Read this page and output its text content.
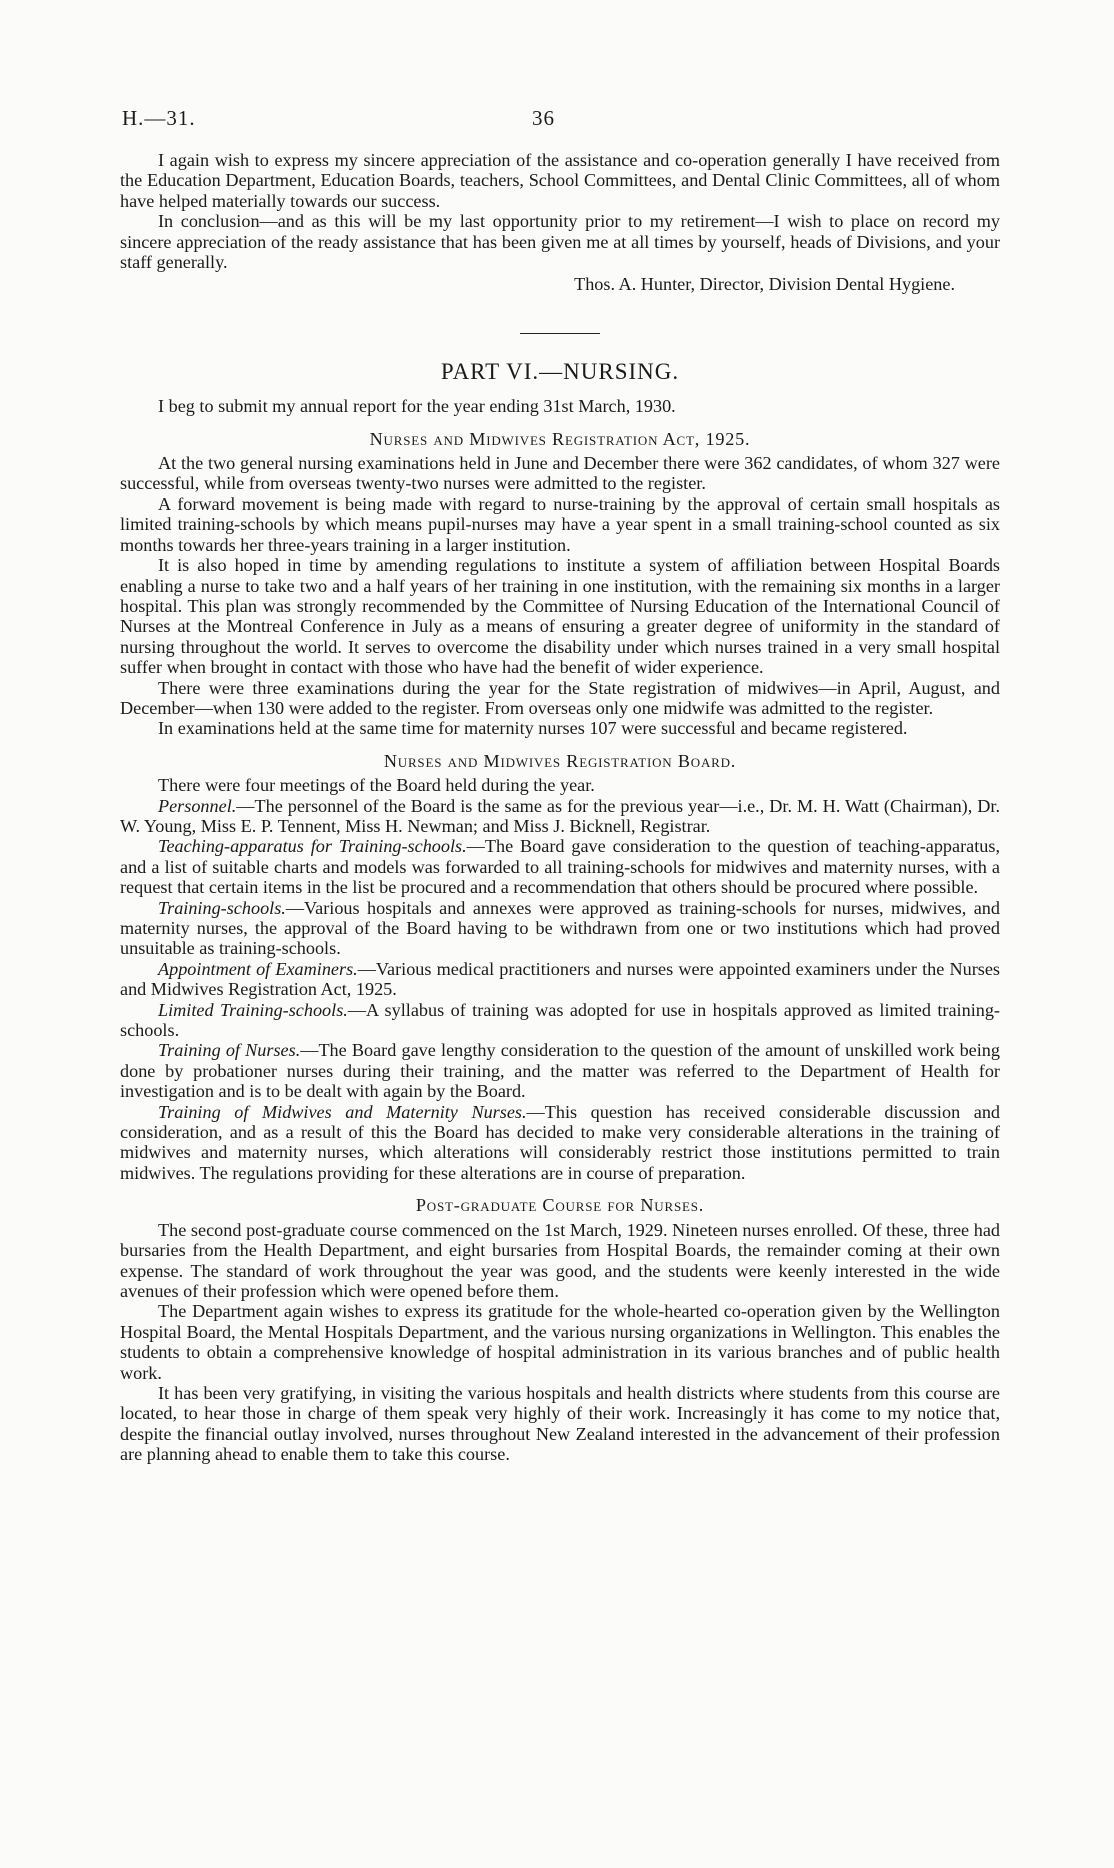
H.—31.	36

I again wish to express my sincere appreciation of the assistance and co-operation generally I have received from the Education Department, Education Boards, teachers, School Committees, and Dental Clinic Committees, all of whom have helped materially towards our success.

In conclusion—and as this will be my last opportunity prior to my retirement—I wish to place on record my sincere appreciation of the ready assistance that has been given me at all times by yourself, heads of Divisions, and your staff generally.

Thos. A. Hunter, Director, Division Dental Hygiene.

PART VI.—NURSING.

I beg to submit my annual report for the year ending 31st March, 1930.

Nurses and Midwives Registration Act, 1925.

At the two general nursing examinations held in June and December there were 362 candidates, of whom 327 were successful, while from overseas twenty-two nurses were admitted to the register.

A forward movement is being made with regard to nurse-training by the approval of certain small hospitals as limited training-schools by which means pupil-nurses may have a year spent in a small training-school counted as six months towards her three-years training in a larger institution.

It is also hoped in time by amending regulations to institute a system of affiliation between Hospital Boards enabling a nurse to take two and a half years of her training in one institution, with the remaining six months in a larger hospital. This plan was strongly recommended by the Committee of Nursing Education of the International Council of Nurses at the Montreal Conference in July as a means of ensuring a greater degree of uniformity in the standard of nursing throughout the world. It serves to overcome the disability under which nurses trained in a very small hospital suffer when brought in contact with those who have had the benefit of wider experience.

There were three examinations during the year for the State registration of midwives—in April, August, and December—when 130 were added to the register. From overseas only one midwife was admitted to the register.

In examinations held at the same time for maternity nurses 107 were successful and became registered.

Nurses and Midwives Registration Board.

There were four meetings of the Board held during the year.

Personnel.—The personnel of the Board is the same as for the previous year—i.e., Dr. M. H. Watt (Chairman), Dr. W. Young, Miss E. P. Tennent, Miss H. Newman; and Miss J. Bicknell, Registrar.

Teaching-apparatus for Training-schools.—The Board gave consideration to the question of teaching-apparatus, and a list of suitable charts and models was forwarded to all training-schools for midwives and maternity nurses, with a request that certain items in the list be procured and a recommendation that others should be procured where possible.

Training-schools.—Various hospitals and annexes were approved as training-schools for nurses, midwives, and maternity nurses, the approval of the Board having to be withdrawn from one or two institutions which had proved unsuitable as training-schools.

Appointment of Examiners.—Various medical practitioners and nurses were appointed examiners under the Nurses and Midwives Registration Act, 1925.

Limited Training-schools.—A syllabus of training was adopted for use in hospitals approved as limited training-schools.

Training of Nurses.—The Board gave lengthy consideration to the question of the amount of unskilled work being done by probationer nurses during their training, and the matter was referred to the Department of Health for investigation and is to be dealt with again by the Board.

Training of Midwives and Maternity Nurses.—This question has received considerable discussion and consideration, and as a result of this the Board has decided to make very considerable alterations in the training of midwives and maternity nurses, which alterations will considerably restrict those institutions permitted to train midwives. The regulations providing for these alterations are in course of preparation.

Post-graduate Course for Nurses.

The second post-graduate course commenced on the 1st March, 1929. Nineteen nurses enrolled. Of these, three had bursaries from the Health Department, and eight bursaries from Hospital Boards, the remainder coming at their own expense. The standard of work throughout the year was good, and the students were keenly interested in the wide avenues of their profession which were opened before them.

The Department again wishes to express its gratitude for the whole-hearted co-operation given by the Wellington Hospital Board, the Mental Hospitals Department, and the various nursing organizations in Wellington. This enables the students to obtain a comprehensive knowledge of hospital administration in its various branches and of public health work.

It has been very gratifying, in visiting the various hospitals and health districts where students from this course are located, to hear those in charge of them speak very highly of their work. Increasingly it has come to my notice that, despite the financial outlay involved, nurses throughout New Zealand interested in the advancement of their profession are planning ahead to enable them to take this course.
